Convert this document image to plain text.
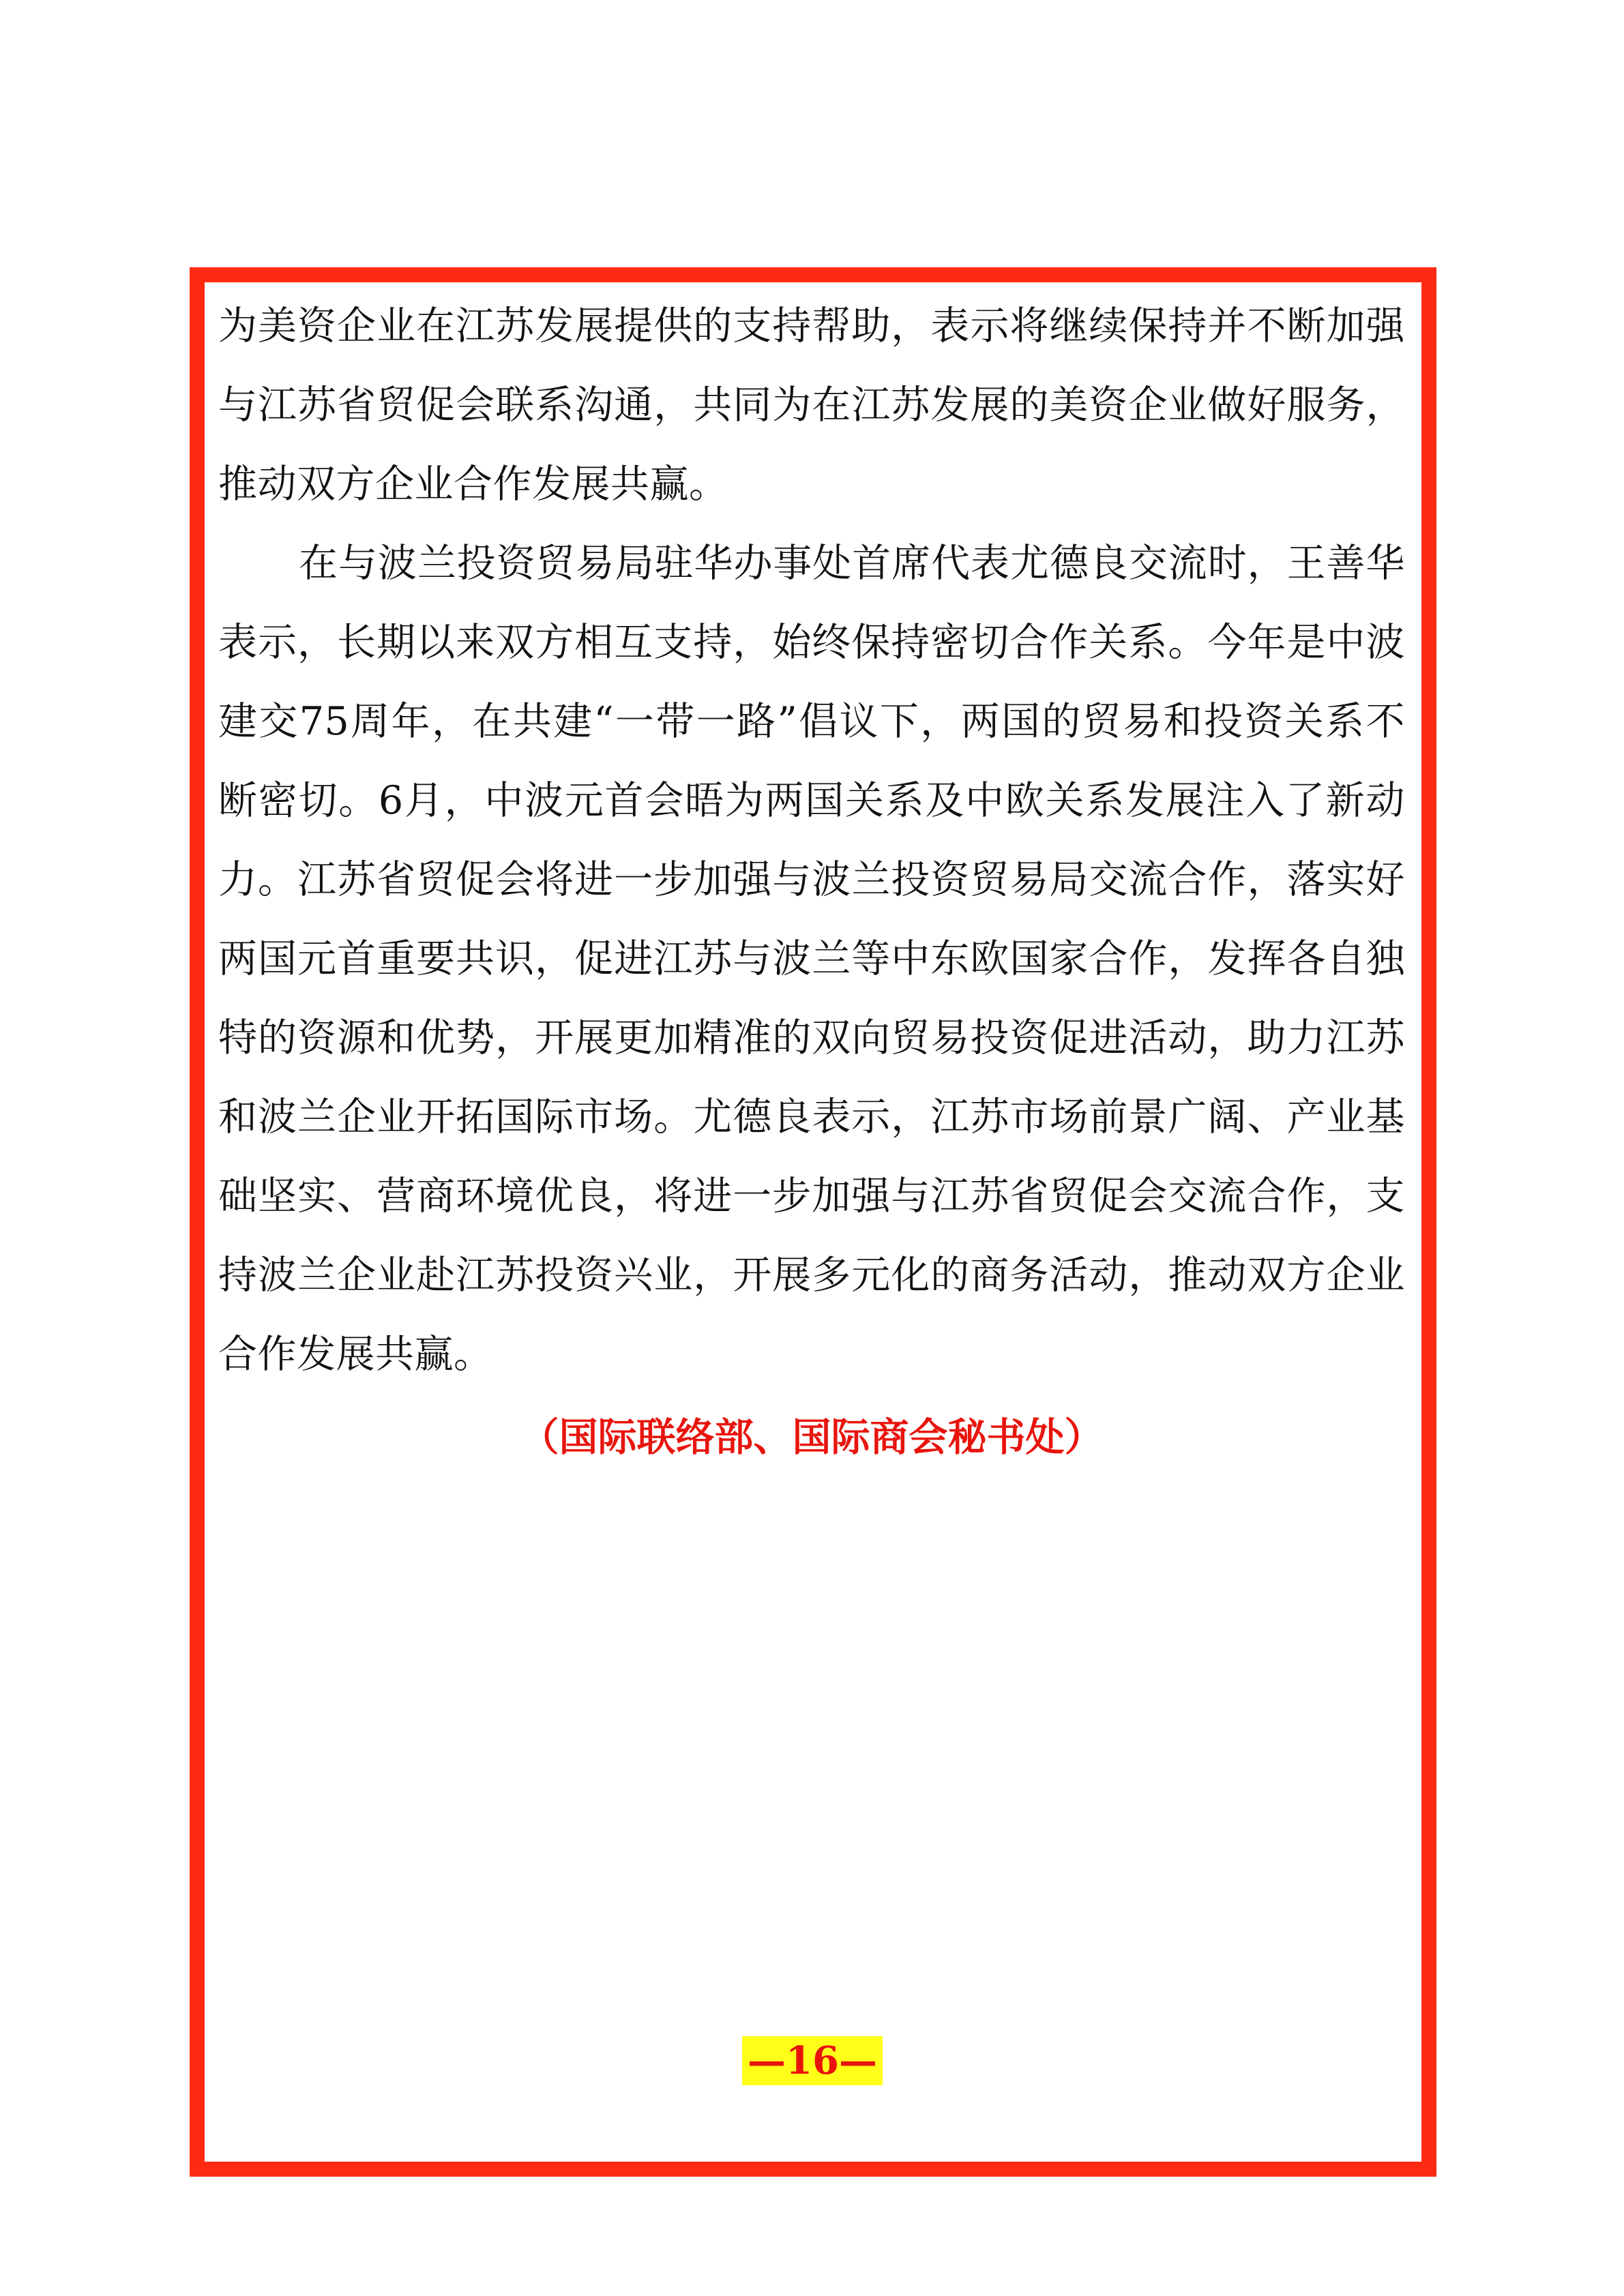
为美资企业在江苏发展提供的支持帮助，表示将继续保持并不断加强与江苏省贸促会联系沟通，共同为在江苏发展的美资企业做好服务，推动双方企业合作发展共赢。

在与波兰投资贸易局驻华办事处首席代表尤德良交流时，王善华表示，长期以来双方相互支持，始终保持密切合作关系。今年是中波建交75周年，在共建“一带一路”倡议下，两国的贸易和投资关系不断密切。6月，中波元首会晤为两国关系及中欧关系发展注入了新动力。江苏省贸促会将进一步加强与波兰投资贸易局交流合作，落实好两国元首重要共识，促进江苏与波兰等中东欧国家合作，发挥各自独特的资源和优势，开展更加精准的双向贸易投资促进活动，助力江苏和波兰企业开拓国际市场。尤德良表示，江苏市场前景广阔、产业基础坚实、营商环境优良，将进一步加强与江苏省贸促会交流合作，支持波兰企业赴江苏投资兴业，开展多元化的商务活动，推动双方企业合作发展共赢。

（国际联络部、国际商会秘书处）

—16—
